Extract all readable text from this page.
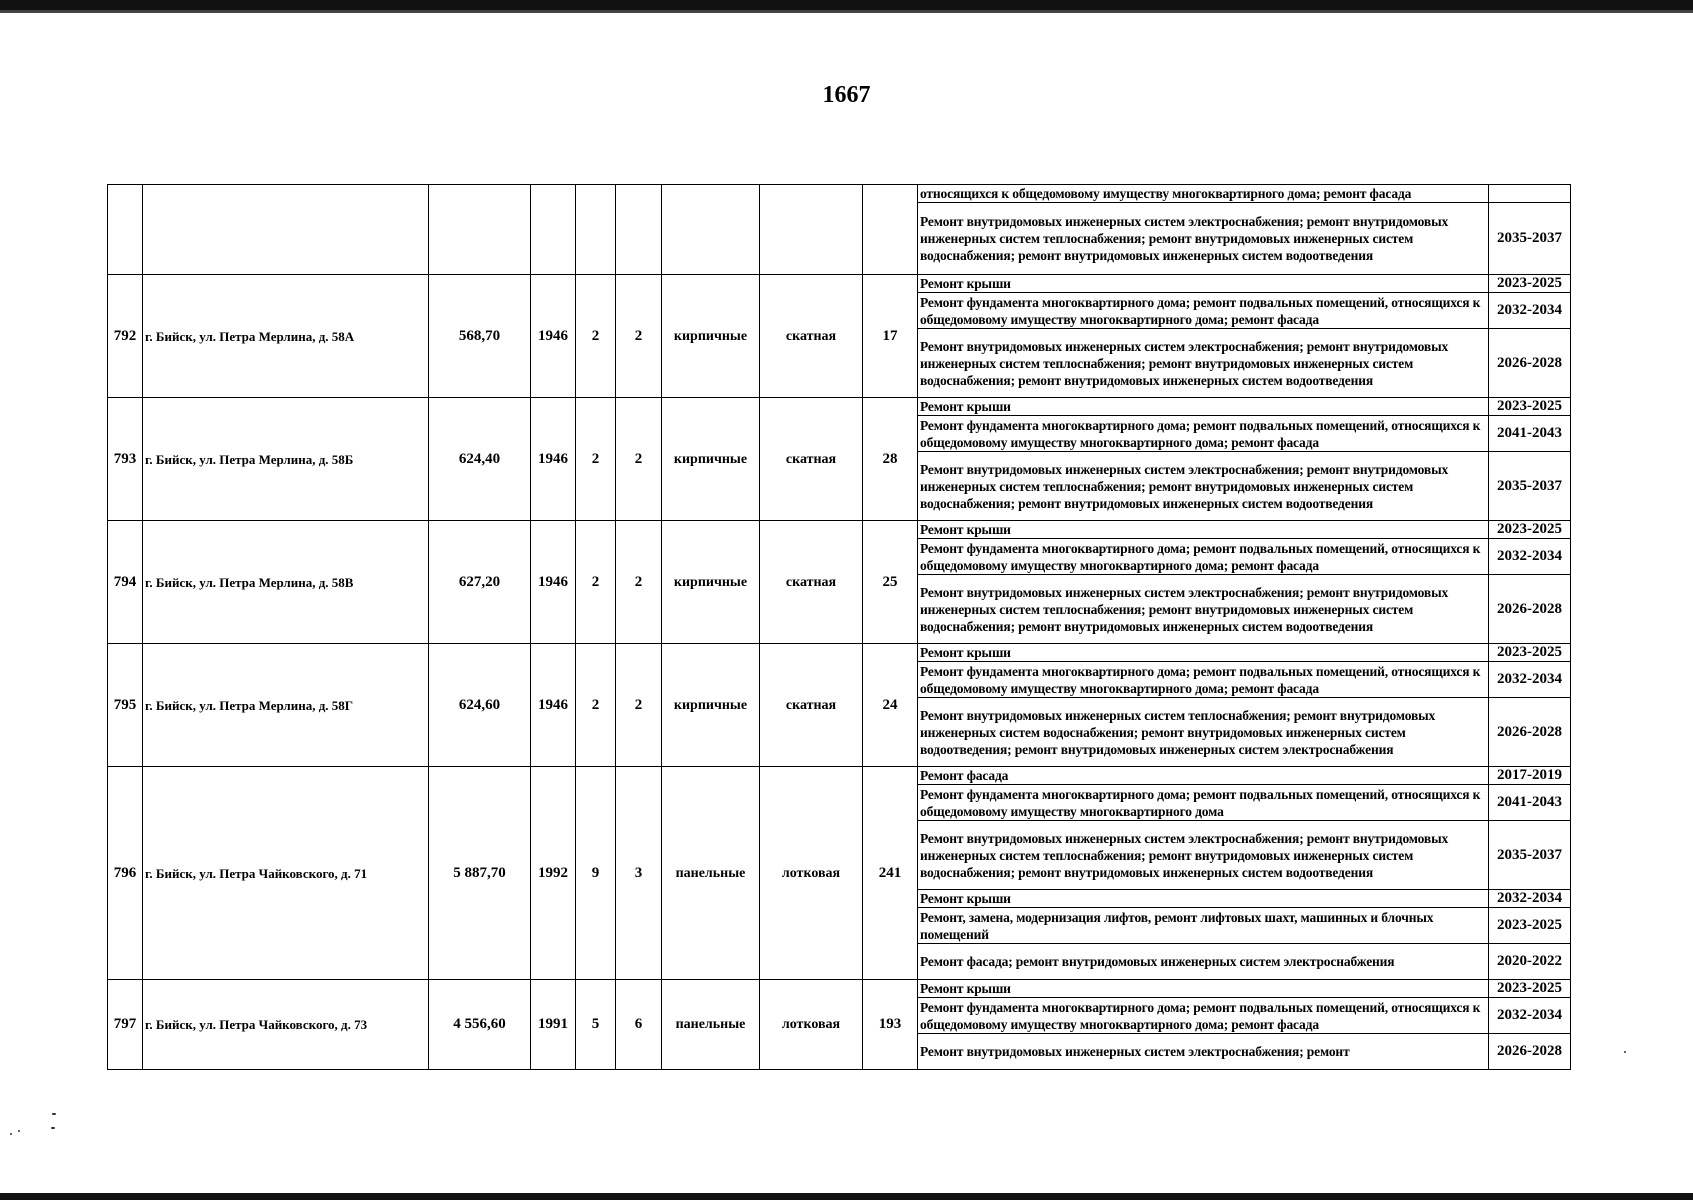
1667
									относящихся к общедомовому имуществу многоквартирного дома; ремонт фасада	
									Ремонт внутридомовых инженерных систем электроснабжения; ремонт внутридомовых инженерных систем теплоснабжения; ремонт внутридомовых инженерных систем водоснабжения; ремонт внутридомовых инженерных систем водоотведения	2035-2037
792	г. Бийск, ул. Петра Мерлина, д. 58А	568,70	1946	2	2	кирпичные	скатная	17	Ремонт крыши	2023-2025
									Ремонт фундамента многоквартирного дома; ремонт подвальных помещений, относящихся к общедомовому имуществу многоквартирного дома; ремонт фасада	2032-2034
									Ремонт внутридомовых инженерных систем электроснабжения; ремонт внутридомовых инженерных систем теплоснабжения; ремонт внутридомовых инженерных систем водоснабжения; ремонт внутридомовых инженерных систем водоотведения	2026-2028
793	г. Бийск, ул. Петра Мерлина, д. 58Б	624,40	1946	2	2	кирпичные	скатная	28	Ремонт крыши	2023-2025
									Ремонт фундамента многоквартирного дома; ремонт подвальных помещений, относящихся к общедомовому имуществу многоквартирного дома; ремонт фасада	2041-2043
									Ремонт внутридомовых инженерных систем электроснабжения; ремонт внутридомовых инженерных систем теплоснабжения; ремонт внутридомовых инженерных систем водоснабжения; ремонт внутридомовых инженерных систем водоотведения	2035-2037
794	г. Бийск, ул. Петра Мерлина, д. 58В	627,20	1946	2	2	кирпичные	скатная	25	Ремонт крыши	2023-2025
									Ремонт фундамента многоквартирного дома; ремонт подвальных помещений, относящихся к общедомовому имуществу многоквартирного дома; ремонт фасада	2032-2034
									Ремонт внутридомовых инженерных систем электроснабжения; ремонт внутридомовых инженерных систем теплоснабжения; ремонт внутридомовых инженерных систем водоснабжения; ремонт внутридомовых инженерных систем водоотведения	2026-2028
795	г. Бийск, ул. Петра Мерлина, д. 58Г	624,60	1946	2	2	кирпичные	скатная	24	Ремонт крыши	2023-2025
									Ремонт фундамента многоквартирного дома; ремонт подвальных помещений, относящихся к общедомовому имуществу многоквартирного дома; ремонт фасада	2032-2034
									Ремонт внутридомовых инженерных систем теплоснабжения; ремонт внутридомовых инженерных систем водоснабжения; ремонт внутридомовых инженерных систем водоотведения; ремонт внутридомовых инженерных систем электроснабжения	2026-2028
796	г. Бийск, ул. Петра Чайковского, д. 71	5 887,70	1992	9	3	панельные	лотковая	241	Ремонт фасада	2017-2019
									Ремонт фундамента многоквартирного дома; ремонт подвальных помещений, относящихся к общедомовому имуществу многоквартирного дома	2041-2043
									Ремонт внутридомовых инженерных систем электроснабжения; ремонт внутридомовых инженерных систем теплоснабжения; ремонт внутридомовых инженерных систем водоснабжения; ремонт внутридомовых инженерных систем водоотведения	2035-2037
									Ремонт крыши	2032-2034
									Ремонт, замена, модернизация лифтов, ремонт лифтовых шахт, машинных и блочных помещений	2023-2025
									Ремонт фасада; ремонт внутридомовых инженерных систем электроснабжения	2020-2022
797	г. Бийск, ул. Петра Чайковского, д. 73	4 556,60	1991	5	6	панельные	лотковая	193	Ремонт крыши	2023-2025
									Ремонт фундамента многоквартирного дома; ремонт подвальных помещений, относящихся к общедомовому имуществу многоквартирного дома; ремонт фасада	2032-2034
									Ремонт внутридомовых инженерных систем электроснабжения; ремонт	2026-2028
